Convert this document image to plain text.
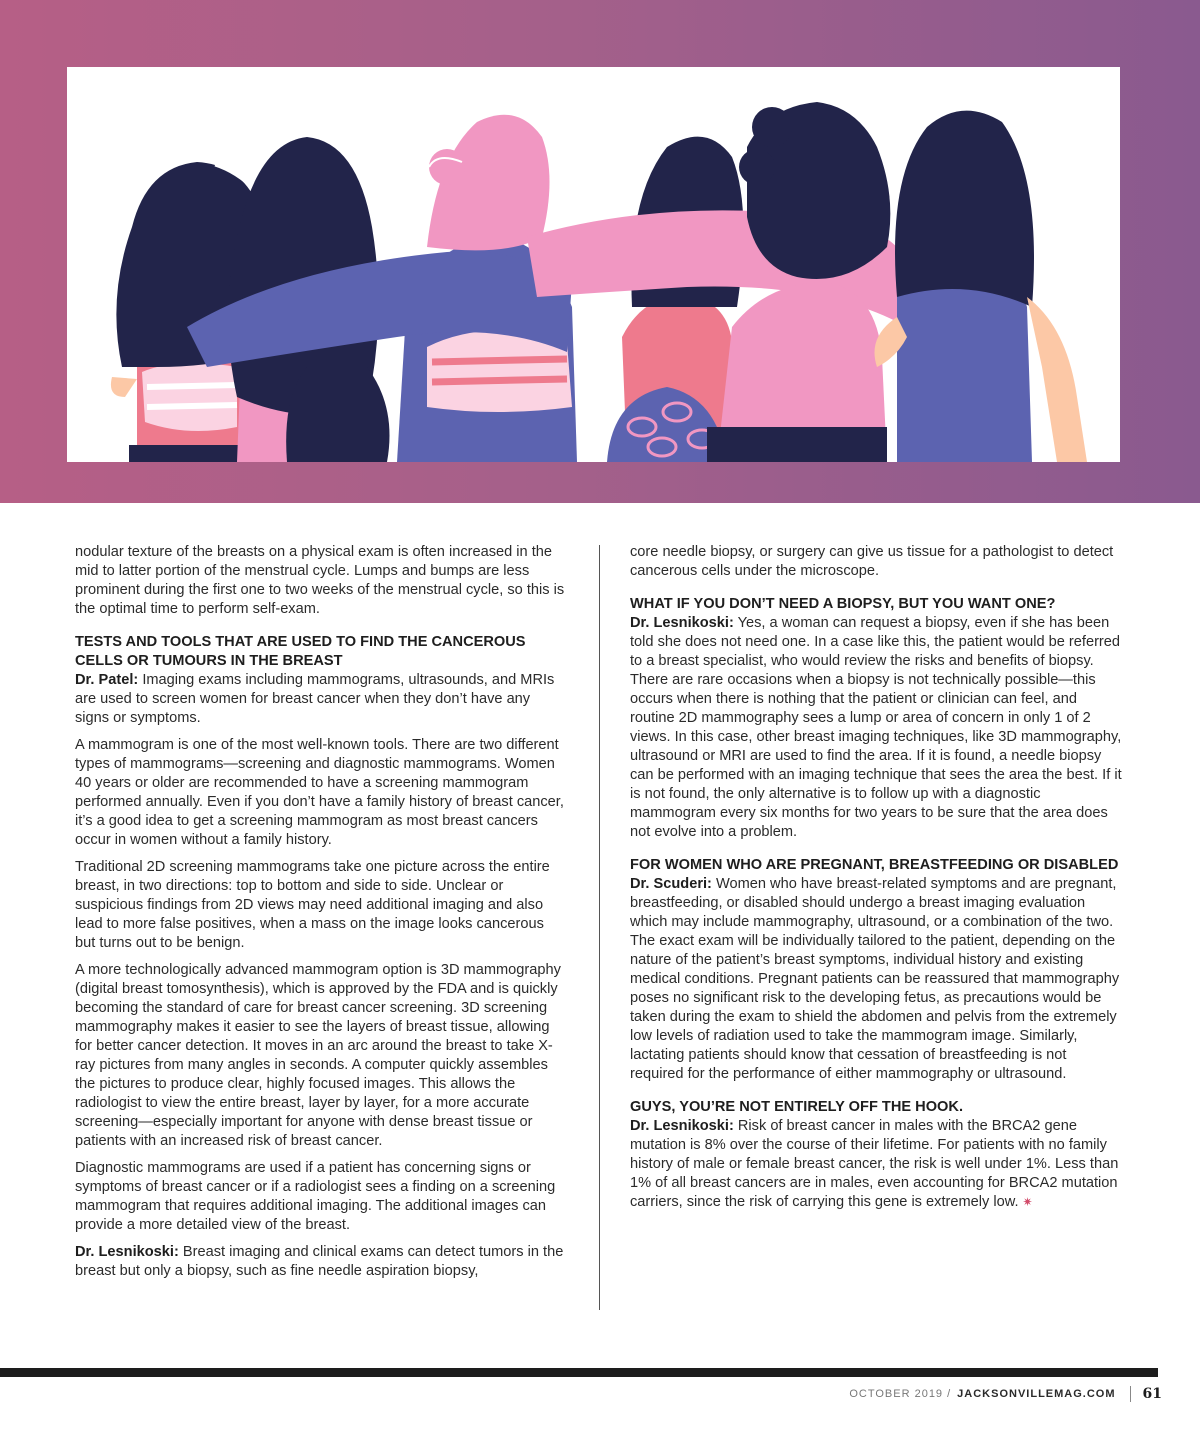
nodular texture of the breasts on a physical exam is often increased in the mid to latter portion of the menstrual cycle. Lumps and bumps are less prominent during the first one to two weeks of the menstrual cycle, so this is the optimal time to perform self-exam.

TESTS AND TOOLS THAT ARE USED TO FIND THE CANCEROUS CELLS OR TUMOURS IN THE BREAST

Dr. Patel: Imaging exams including mammograms, ultrasounds, and MRIs are used to screen women for breast cancer when they don’t have any signs or symptoms.

A mammogram is one of the most well-known tools. There are two different types of mammograms—screening and diagnostic mammograms. Women 40 years or older are recommended to have a screening mammogram performed annually. Even if you don’t have a family history of breast cancer, it’s a good idea to get a screening mammogram as most breast cancers occur in women without a family history.

Traditional 2D screening mammograms take one picture across the entire breast, in two directions: top to bottom and side to side. Unclear or suspicious findings from 2D views may need additional imaging and also lead to more false positives, when a mass on the image looks cancerous but turns out to be benign.

A more technologically advanced mammogram option is 3D mammography (digital breast tomosynthesis), which is approved by the FDA and is quickly becoming the standard of care for breast cancer screening. 3D screening mammography makes it easier to see the layers of breast tissue, allowing for better cancer detection. It moves in an arc around the breast to take X-ray pictures from many angles in seconds. A computer quickly assembles the pictures to produce clear, highly focused images. This allows the radiologist to view the entire breast, layer by layer, for a more accurate screening—especially important for anyone with dense breast tissue or patients with an increased risk of breast cancer.

Diagnostic mammograms are used if a patient has concerning signs or symptoms of breast cancer or if a radiologist sees a finding on a screening mammogram that requires additional imaging. The additional images can provide a more detailed view of the breast.

Dr. Lesnikoski: Breast imaging and clinical exams can detect tumors in the breast but only a biopsy, such as fine needle aspiration biopsy,

core needle biopsy, or surgery can give us tissue for a pathologist to detect cancerous cells under the microscope.

WHAT IF YOU DON’T NEED A BIOPSY, BUT YOU WANT ONE?

Dr. Lesnikoski: Yes, a woman can request a biopsy, even if she has been told she does not need one. In a case like this, the patient would be referred to a breast specialist, who would review the risks and benefits of biopsy. There are rare occasions when a biopsy is not technically possible—this occurs when there is nothing that the patient or clinician can feel, and routine 2D mammography sees a lump or area of concern in only 1 of 2 views. In this case, other breast imaging techniques, like 3D mammography, ultrasound or MRI are used to find the area. If it is found, a needle biopsy can be performed with an imaging technique that sees the area the best. If it is not found, the only alternative is to follow up with a diagnostic mammogram every six months for two years to be sure that the area does not evolve into a problem.

FOR WOMEN WHO ARE PREGNANT, BREASTFEEDING OR DISABLED

Dr. Scuderi: Women who have breast-related symptoms and are pregnant, breastfeeding, or disabled should undergo a breast imaging evaluation which may include mammography, ultrasound, or a combination of the two. The exact exam will be individually tailored to the patient, depending on the nature of the patient’s breast symptoms, individual history and existing medical conditions. Pregnant patients can be reassured that mammography poses no significant risk to the developing fetus, as precautions would be taken during the exam to shield the abdomen and pelvis from the extremely low levels of radiation used to take the mammogram image. Similarly, lactating patients should know that cessation of breastfeeding is not required for the performance of either mammography or ultrasound.

GUYS, YOU’RE NOT ENTIRELY OFF THE HOOK.

Dr. Lesnikoski: Risk of breast cancer in males with the BRCA2 gene mutation is 8% over the course of their lifetime. For patients with no family history of male or female breast cancer, the risk is well under 1%. Less than 1% of all breast cancers are in males, even accounting for BRCA2 mutation carriers, since the risk of carrying this gene is extremely low. ✷

OCTOBER 2019 / JACKSONVILLEMAG.COM 61
